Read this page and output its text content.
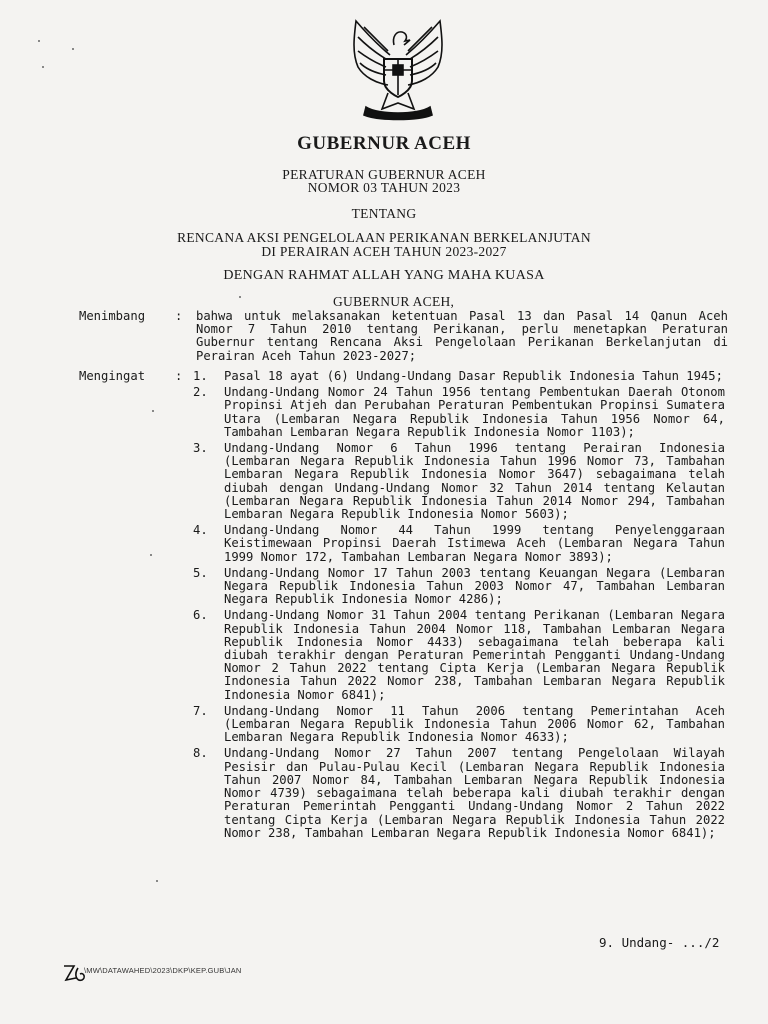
GUBERNUR ACEH
PERATURAN GUBERNUR ACEH
NOMOR 03 TAHUN 2023
TENTANG
RENCANA AKSI PENGELOLAAN PERIKANAN BERKELANJUTAN
DI PERAIRAN ACEH TAHUN 2023-2027
DENGAN RAHMAT ALLAH YANG MAHA KUASA
GUBERNUR ACEH,
Menimbang : bahwa untuk melaksanakan ketentuan Pasal 13 dan Pasal 14 Qanun Aceh Nomor 7 Tahun 2010 tentang Perikanan, perlu menetapkan Peraturan Gubernur tentang Rencana Aksi Pengelolaan Perikanan Berkelanjutan di Perairan Aceh Tahun 2023-2027;
Mengingat : 1.	Pasal 18 ayat (6) Undang-Undang Dasar Republik Indonesia Tahun 1945;
2.	Undang-Undang Nomor 24 Tahun 1956 tentang Pembentukan Daerah Otonom Propinsi Atjeh dan Perubahan Peraturan Pembentukan Propinsi Sumatera Utara (Lembaran Negara Republik Indonesia Tahun 1956 Nomor 64, Tambahan Lembaran Negara Republik Indonesia Nomor 1103);
3.	Undang-Undang Nomor 6 Tahun 1996 tentang Perairan Indonesia (Lembaran Negara Republik Indonesia Tahun 1996 Nomor 73, Tambahan Lembaran Negara Republik Indonesia Nomor 3647) sebagaimana telah diubah dengan Undang-Undang Nomor 32 Tahun 2014 tentang Kelautan (Lembaran Negara Republik Indonesia Tahun 2014 Nomor 294, Tambahan Lembaran Negara Republik Indonesia Nomor 5603);
4.	Undang-Undang Nomor 44 Tahun 1999 tentang Penyelenggaraan Keistimewaan Propinsi Daerah Istimewa Aceh (Lembaran Negara Tahun 1999 Nomor 172, Tambahan Lembaran Negara Nomor 3893);
5.	Undang-Undang Nomor 17 Tahun 2003 tentang Keuangan Negara (Lembaran Negara Republik Indonesia Tahun 2003 Nomor 47, Tambahan Lembaran Negara Republik Indonesia Nomor 4286);
6.	Undang-Undang Nomor 31 Tahun 2004 tentang Perikanan (Lembaran Negara Republik Indonesia Tahun 2004 Nomor 118, Tambahan Lembaran Negara Republik Indonesia Nomor 4433) sebagaimana telah beberapa kali diubah terakhir dengan Peraturan Pemerintah Pengganti Undang-Undang Nomor 2 Tahun 2022 tentang Cipta Kerja (Lembaran Negara Republik Indonesia Tahun 2022 Nomor 238, Tambahan Lembaran Negara Republik Indonesia Nomor 6841);
7.	Undang-Undang Nomor 11 Tahun 2006 tentang Pemerintahan Aceh (Lembaran Negara Republik Indonesia Tahun 2006 Nomor 62, Tambahan Lembaran Negara Republik Indonesia Nomor 4633);
8.	Undang-Undang Nomor 27 Tahun 2007 tentang Pengelolaan Wilayah Pesisir dan Pulau-Pulau Kecil (Lembaran Negara Republik Indonesia Tahun 2007 Nomor 84, Tambahan Lembaran Negara Republik Indonesia Nomor 4739) sebagaimana telah beberapa kali diubah terakhir dengan Peraturan Pemerintah Pengganti Undang-Undang Nomor 2 Tahun 2022 tentang Cipta Kerja (Lembaran Negara Republik Indonesia Tahun 2022 Nomor 238, Tambahan Lembaran Negara Republik Indonesia Nomor 6841);
9. Undang- .../2
\MW\DATAWAHED\2023\DKP\KEP.GUB\JAN
